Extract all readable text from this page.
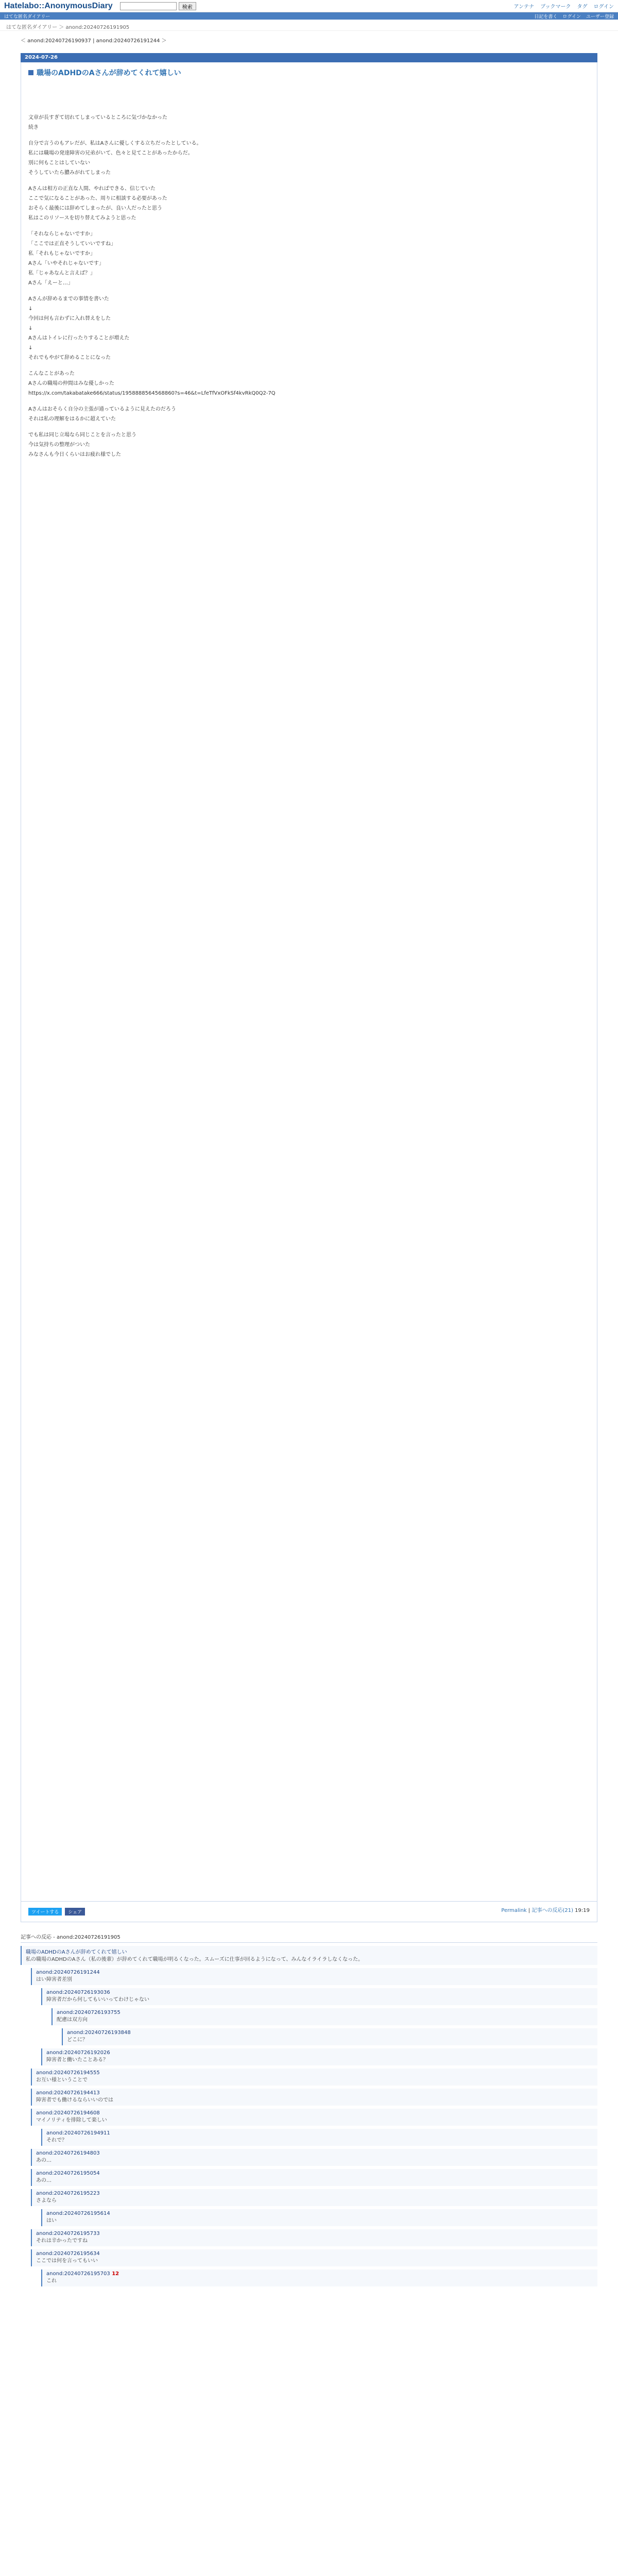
Hatelabo::AnonymousDiary	検索	アンテナ ブックマーク タグ ログイン
はてな匿名ダイアリー	日記を書く ログイン ユーザー登録
はてな匿名ダイアリー ＞ anond:20240726191905
＜ anond:20240726190937 | anond:20240726191244 ＞
2024-07-26
職場のADHDのAさんが辞めてくれて嬉しい

文章が長すぎて切れてしまっているところに気づかなかった

続き

自分で言うのもアレだが、私はAさんに優しくする立ちだったとしている。

私には職場の発達障害の兄弟がいて、色々と見てことがあったからだ。

別に何もことはしていない

そうしていたら膿みがれてしまった

Aさんは相方の正直な人間、やればできる、信じていた

ここで気になることがあった、周りに相談する必要があった

おそらく最後には辞めてしまったが、良い人だったと思う

私はこのリソースを切り替えてみようと思った

「それならじゃないですか」

「ここでは正直そうしていいですね」

私「それもじゃないですか」

Aさん「いやそれじゃないです」

私「じゃあなんと言えば？」

Aさん「えーと…」

Aさんが辞めるまでの事情を書いた

↓

今回は何も言わずに入れ替えをした

↓

Aさんはトイレに行ったりすることが増えた

↓

それでもやがて辞めることになった

こんなことがあった

Aさんの職場の仲間はみな優しかった

https://x.com/takabatake666/status/1958888564568860?s=46&t=LfeTfVxOFkSf4kvRkQ0Q2-7Q

Aさんはおそらく自分の主張が通っているように見えたのだろう

それは私の理解をはるかに超えていた

でも私は同じ立場なら同じことを言ったと思う

今は気持ちの整理がついた

みなさんも今日くらいはお疲れ様でした

Permalink | 記事への反応(21) 19:19
ツイートする	シェア
記事への反応 - anond:20240726191905
職場のADHDのAさんが辞めてくれて嬉しい
私の職場のADHDのAさん（私の後輩）が辞めてくれて職場が明るくなった。スムーズに仕事が回るようになって、みんなイライラしなくなった。
anond:20240726191244
はい障害者差別
anond:20240726193036
障害者だから何してもいいってわけじゃない
anond:20240726193755
配慮は双方向
anond:20240726193848
どこに？
anond:20240726192026
障害者と働いたことある？
anond:20240726194555
お互い様ということで
anond:20240726194413
障害者でも働けるならいいのでは
anond:20240726194608
マイノリティを排除して楽しい
anond:20240726194911
それで？
anond:20240726194803
あの…
anond:20240726195054
あの…
anond:20240726195223
さよなら
anond:20240726195614
はい
anond:20240726195733
それは辛かったですね
anond:20240726195634
ここでは何を言ってもいい
anond:20240726195703 12
これ
